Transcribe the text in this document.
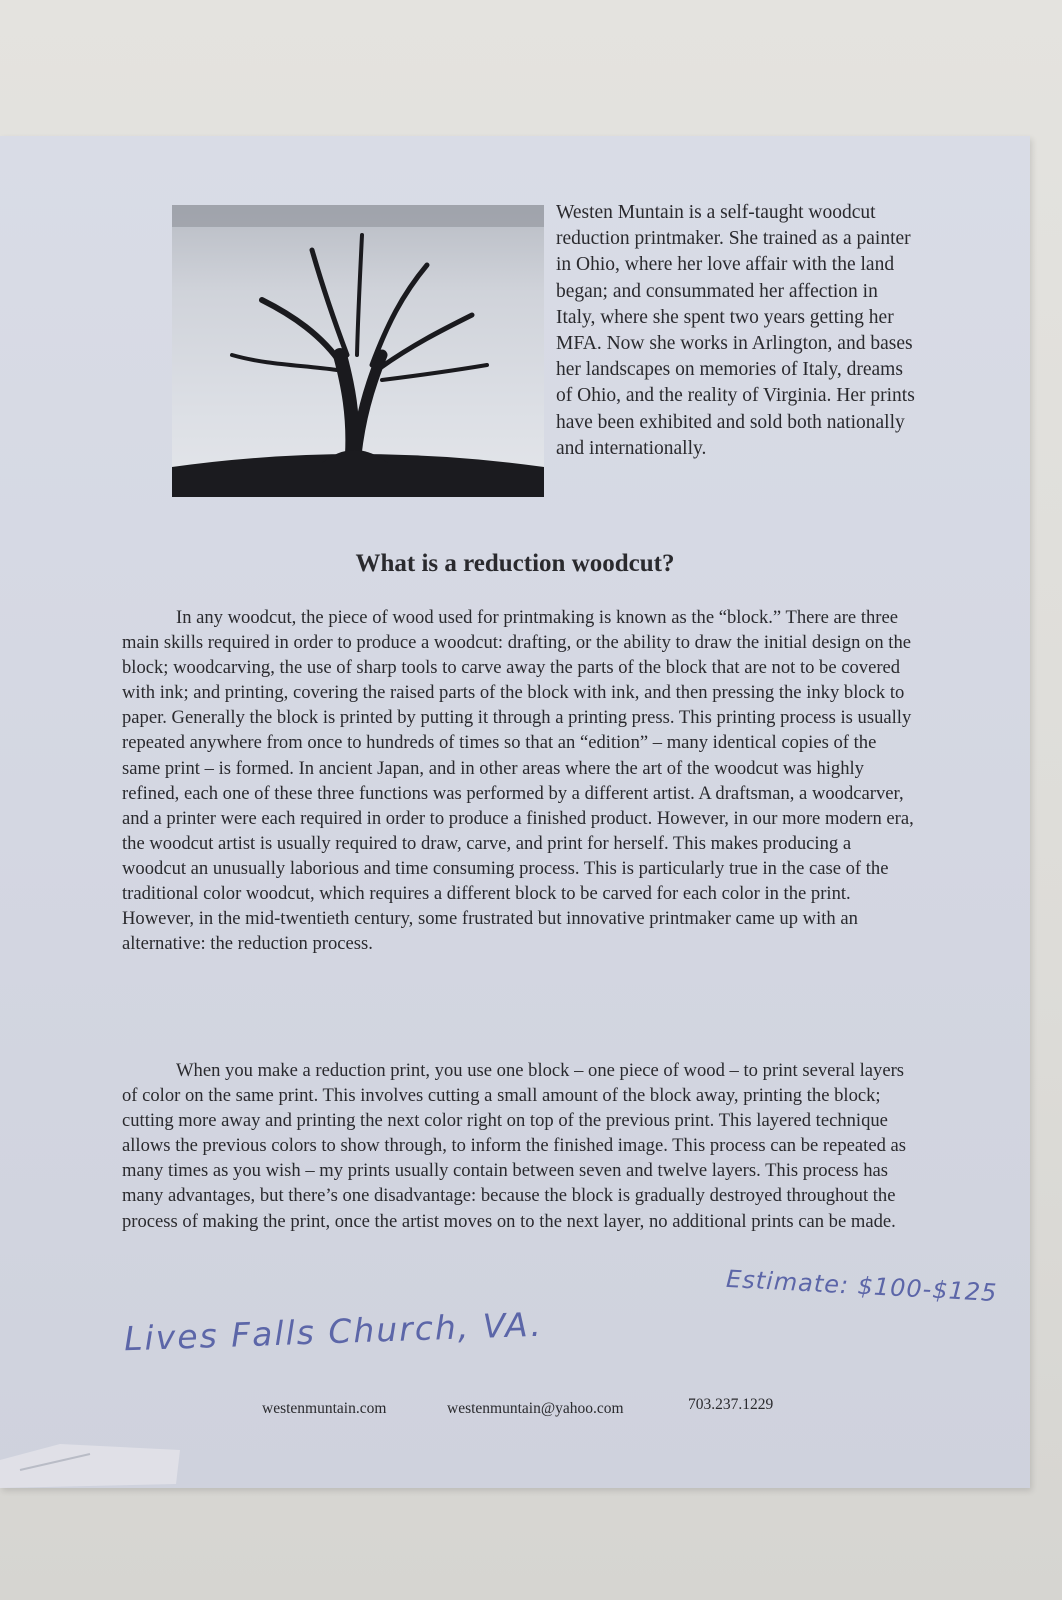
Westen Muntain is a self-taught woodcut reduction printmaker. She trained as a painter in Ohio, where her love affair with the land began; and consummated her affection in Italy, where she spent two years getting her MFA. Now she works in Arlington, and bases her landscapes on memories of Italy, dreams of Ohio, and the reality of Virginia. Her prints have been exhibited and sold both nationally and internationally.
What is a reduction woodcut?
In any woodcut, the piece of wood used for printmaking is known as the “block.” There are three main skills required in order to produce a woodcut: drafting, or the ability to draw the initial design on the block; woodcarving, the use of sharp tools to carve away the parts of the block that are not to be covered with ink; and printing, covering the raised parts of the block with ink, and then pressing the inky block to paper. Generally the block is printed by putting it through a printing press. This printing process is usually repeated anywhere from once to hundreds of times so that an “edition” – many identical copies of the same print – is formed. In ancient Japan, and in other areas where the art of the woodcut was highly refined, each one of these three functions was performed by a different artist. A draftsman, a woodcarver, and a printer were each required in order to produce a finished product. However, in our more modern era, the woodcut artist is usually required to draw, carve, and print for herself. This makes producing a woodcut an unusually laborious and time consuming process. This is particularly true in the case of the traditional color woodcut, which requires a different block to be carved for each color in the print. However, in the mid-twentieth century, some frustrated but innovative printmaker came up with an alternative: the reduction process.
When you make a reduction print, you use one block – one piece of wood – to print several layers of color on the same print. This involves cutting a small amount of the block away, printing the block; cutting more away and printing the next color right on top of the previous print. This layered technique allows the previous colors to show through, to inform the finished image. This process can be repeated as many times as you wish – my prints usually contain between seven and twelve layers. This process has many advantages, but there’s one disadvantage: because the block is gradually destroyed throughout the process of making the print, once the artist moves on to the next layer, no additional prints can be made.
Estimate: $100-$125
Lives Falls Church, VA.
westenmuntain.com	westenmuntain@yahoo.com	703.237.1229
